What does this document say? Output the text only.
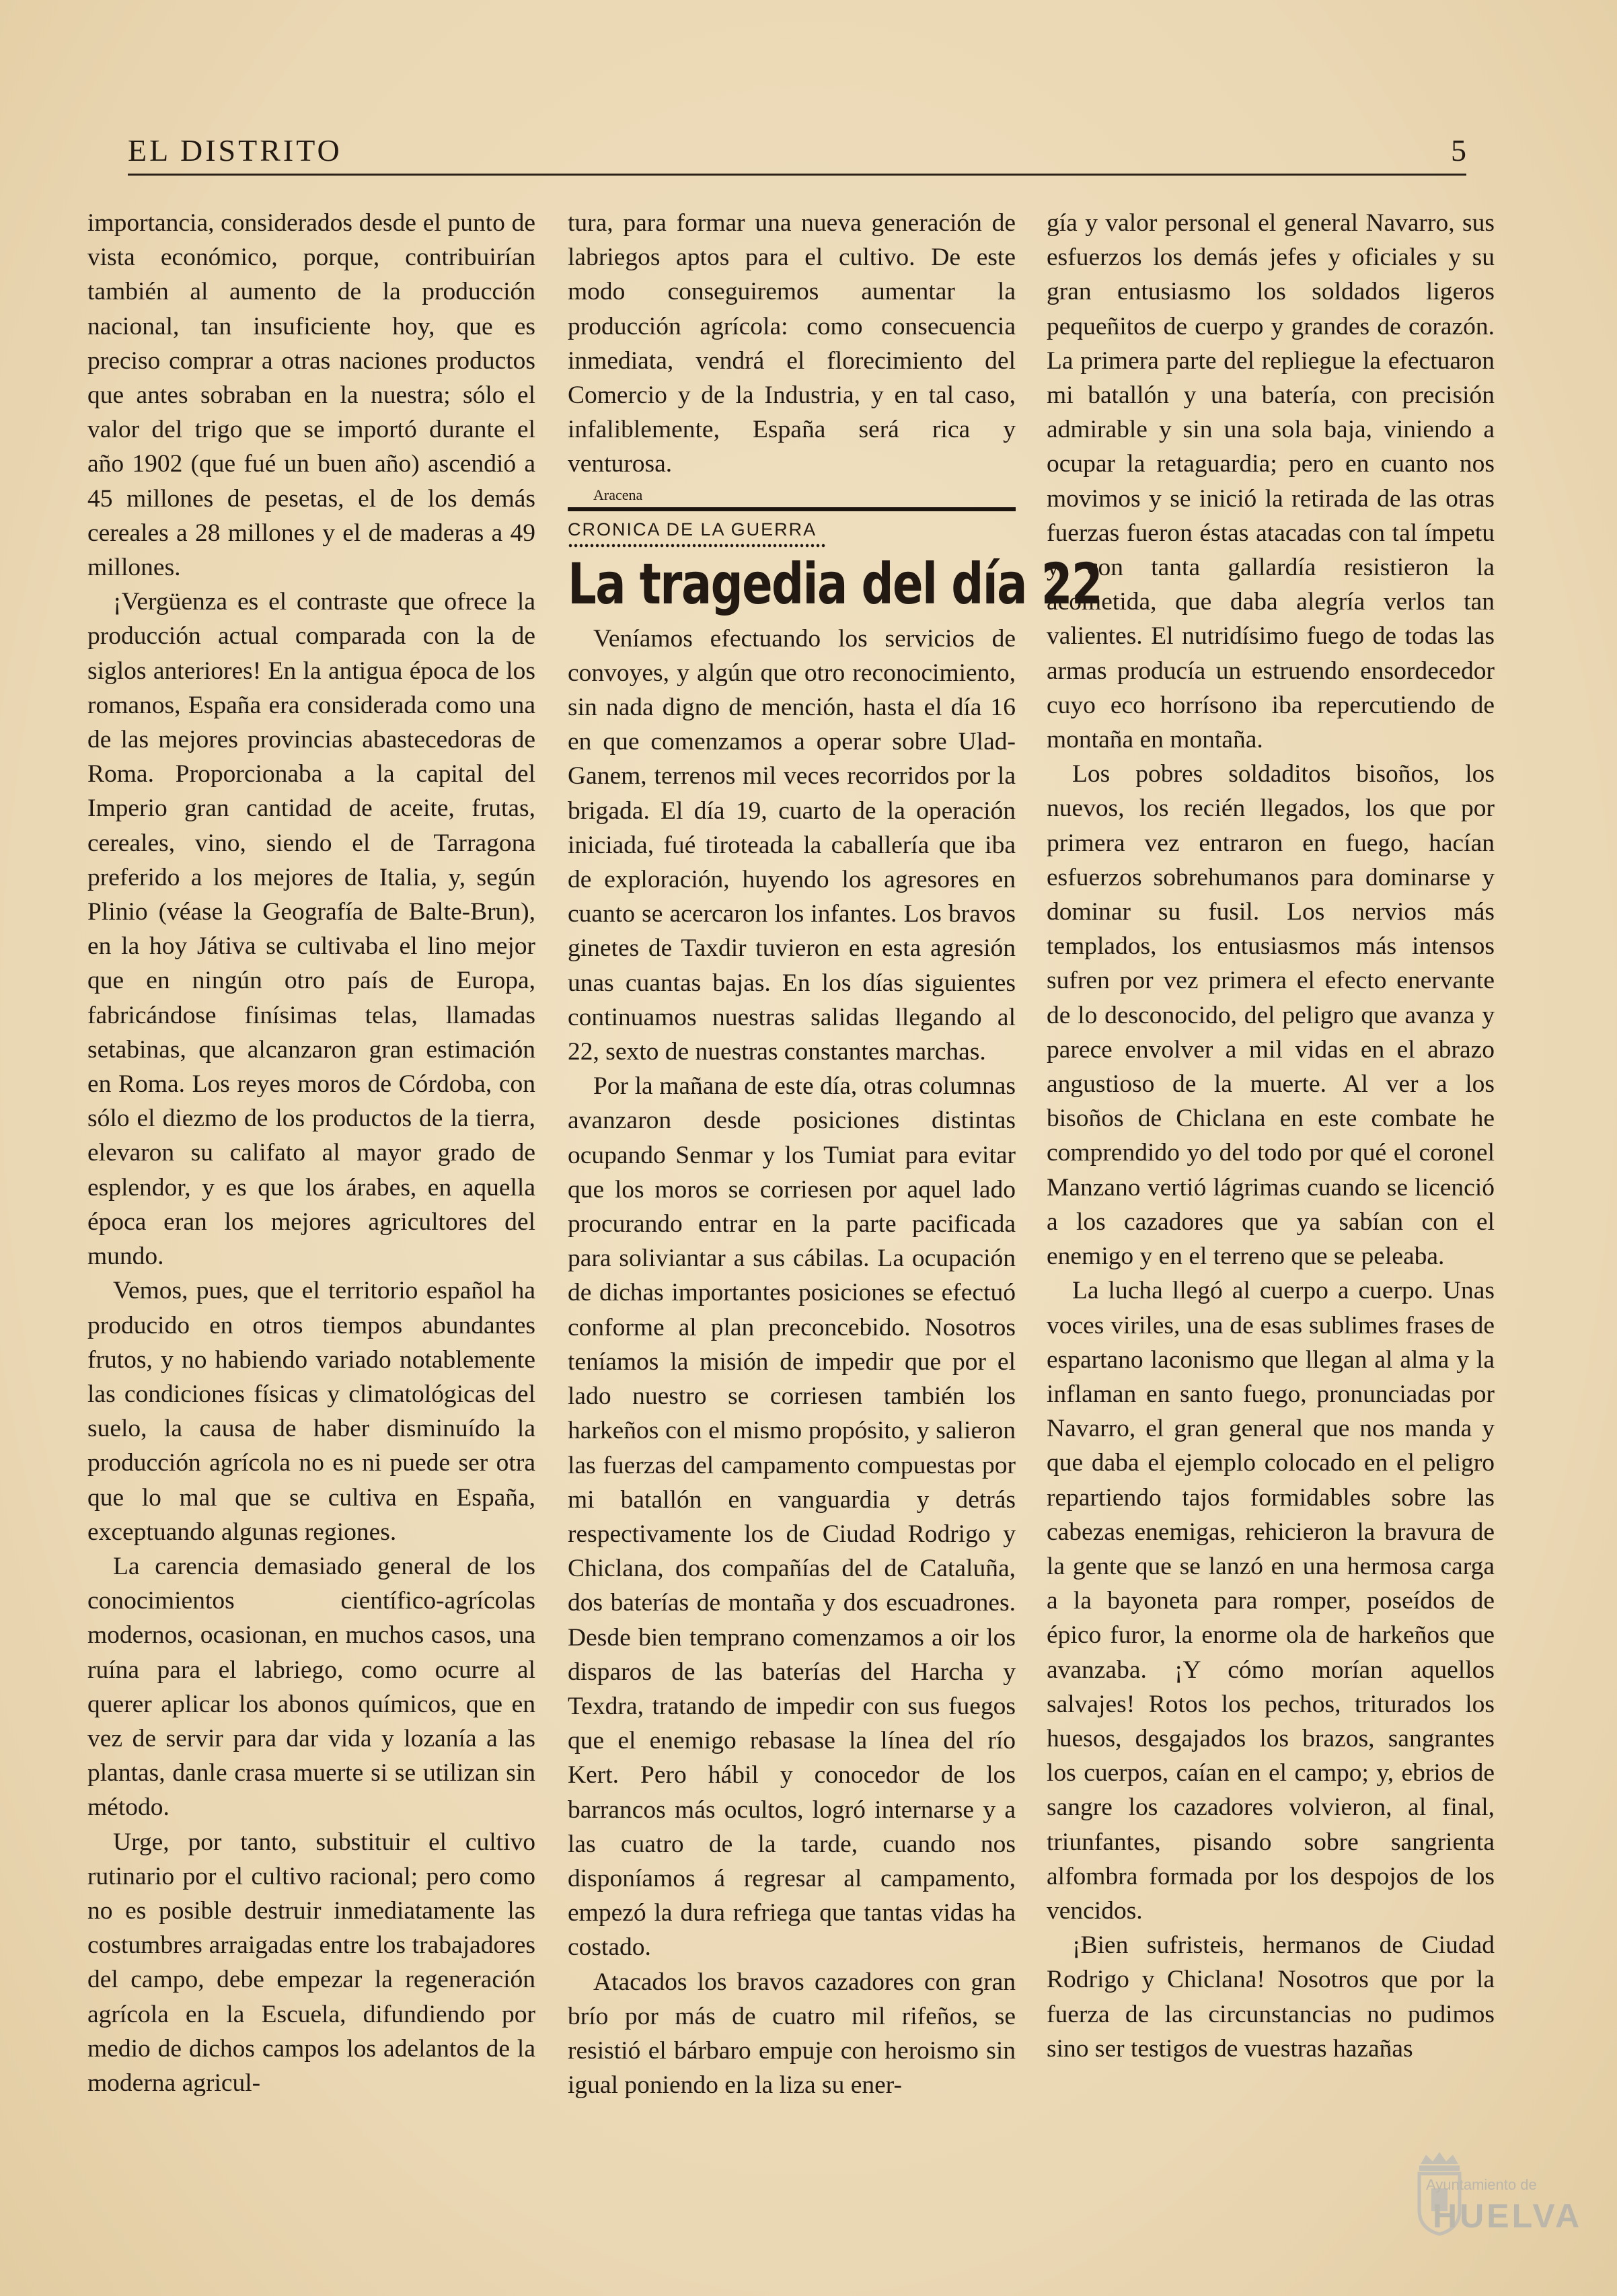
EL DISTRITO	5

importancia, considerados desde el punto de vista económico, porque, contribuirían también al aumento de la producción nacional, tan insuficiente hoy, que es preciso comprar a otras naciones productos que antes sobraban en la nuestra; sólo el valor del trigo que se importó durante el año 1902 (que fué un buen año) ascendió a 45 millones de pesetas, el de los demás cereales a 28 millones y el de maderas a 49 millones.

¡Vergüenza es el contraste que ofrece la producción actual comparada con la de siglos anteriores! En la antigua época de los romanos, España era considerada como una de las mejores provincias abastecedoras de Roma. Proporcionaba a la capital del Imperio gran cantidad de aceite, frutas, cereales, vino, siendo el de Tarragona preferido a los mejores de Italia, y, según Plinio (véase la Geografía de Balte-Brun), en la hoy Játiva se cultivaba el lino mejor que en ningún otro país de Europa, fabricándose finísimas telas, llamadas setabinas, que alcanzaron gran estimación en Roma. Los reyes moros de Córdoba, con sólo el diezmo de los productos de la tierra, elevaron su califato al mayor grado de esplendor, y es que los árabes, en aquella época eran los mejores agricultores del mundo.

Vemos, pues, que el territorio español ha producido en otros tiempos abundantes frutos, y no habiendo variado notablemente las condiciones físicas y climatológicas del suelo, la causa de haber disminuído la producción agrícola no es ni puede ser otra que lo mal que se cultiva en España, exceptuando algunas regiones.

La carencia demasiado general de los conocimientos científico-agrícolas modernos, ocasionan, en muchos casos, una ruína para el labriego, como ocurre al querer aplicar los abonos químicos, que en vez de servir para dar vida y lozanía a las plantas, danle crasa muerte si se utilizan sin método.

Urge, por tanto, substituir el cultivo rutinario por el cultivo racional; pero como no es posible destruir inmediatamente las costumbres arraigadas entre los trabajadores del campo, debe empezar la regeneración agrícola en la Escuela, difundiendo por medio de dichos campos los adelantos de la moderna agricul-

tura, para formar una nueva generación de labriegos aptos para el cultivo. De este modo conseguiremos aumentar la producción agrícola: como consecuencia inmediata, vendrá el florecimiento del Comercio y de la Industria, y en tal caso, infaliblemente, España será rica y venturosa.

Aracena
CRONICA DE LA GUERRA
La tragedia del día 22

Veníamos efectuando los servicios de convoyes, y algún que otro reconocimiento, sin nada digno de mención, hasta el día 16 en que comenzamos a operar sobre Ulad-Ganem, terrenos mil veces recorridos por la brigada. El día 19, cuarto de la operación iniciada, fué tiroteada la caballería que iba de exploración, huyendo los agresores en cuanto se acercaron los infantes. Los bravos ginetes de Taxdir tuvieron en esta agresión unas cuantas bajas. En los días siguientes continuamos nuestras salidas llegando al 22, sexto de nuestras constantes marchas.

Por la mañana de este día, otras columnas avanzaron desde posiciones distintas ocupando Senmar y los Tumiat para evitar que los moros se corriesen por aquel lado procurando entrar en la parte pacificada para soliviantar a sus cábilas. La ocupación de dichas importantes posiciones se efectuó conforme al plan preconcebido. Nosotros teníamos la misión de impedir que por el lado nuestro se corriesen también los harkeños con el mismo propósito, y salieron las fuerzas del campamento compuestas por mi batallón en vanguardia y detrás respectivamente los de Ciudad Rodrigo y Chiclana, dos compañías del de Cataluña, dos baterías de montaña y dos escuadrones. Desde bien temprano comenzamos a oir los disparos de las baterías del Harcha y Texdra, tratando de impedir con sus fuegos que el enemigo rebasase la línea del río Kert. Pero hábil y conocedor de los barrancos más ocultos, logró internarse y a las cuatro de la tarde, cuando nos disponíamos á regresar al campamento, empezó la dura refriega que tantas vidas ha costado.

Atacados los bravos cazadores con gran brío por más de cuatro mil rifeños, se resistió el bárbaro empuje con heroismo sin igual poniendo en la liza su ener-

gía y valor personal el general Navarro, sus esfuerzos los demás jefes y oficiales y su gran entusiasmo los soldados ligeros pequeñitos de cuerpo y grandes de corazón. La primera parte del repliegue la efectuaron mi batallón y una batería, con precisión admirable y sin una sola baja, viniendo a ocupar la retaguardia; pero en cuanto nos movimos y se inició la retirada de las otras fuerzas fueron éstas atacadas con tal ímpetu y con tanta gallardía resistieron la acometida, que daba alegría verlos tan valientes. El nutridísimo fuego de todas las armas producía un estruendo ensordecedor cuyo eco horrísono iba repercutiendo de montaña en montaña.

Los pobres soldaditos bisoños, los nuevos, los recién llegados, los que por primera vez entraron en fuego, hacían esfuerzos sobrehumanos para dominarse y dominar su fusil. Los nervios más templados, los entusiasmos más intensos sufren por vez primera el efecto enervante de lo desconocido, del peligro que avanza y parece envolver a mil vidas en el abrazo angustioso de la muerte. Al ver a los bisoños de Chiclana en este combate he comprendido yo del todo por qué el coronel Manzano vertió lágrimas cuando se licenció a los cazadores que ya sabían con el enemigo y en el terreno que se peleaba.

La lucha llegó al cuerpo a cuerpo. Unas voces viriles, una de esas sublimes frases de espartano laconismo que llegan al alma y la inflaman en santo fuego, pronunciadas por Navarro, el gran general que nos manda y que daba el ejemplo colocado en el peligro repartiendo tajos formidables sobre las cabezas enemigas, rehicieron la bravura de la gente que se lanzó en una hermosa carga a la bayoneta para romper, poseídos de épico furor, la enorme ola de harkeños que avanzaba. ¡Y cómo morían aquellos salvajes! Rotos los pechos, triturados los huesos, desgajados los brazos, sangrantes los cuerpos, caían en el campo; y, ebrios de sangre los cazadores volvieron, al final, triunfantes, pisando sobre sangrienta alfombra formada por los despojos de los vencidos.

¡Bien sufristeis, hermanos de Ciudad Rodrigo y Chiclana! Nosotros que por la fuerza de las circunstancias no pudimos sino ser testigos de vuestras hazañas

Ayuntamiento de
HUELVA
